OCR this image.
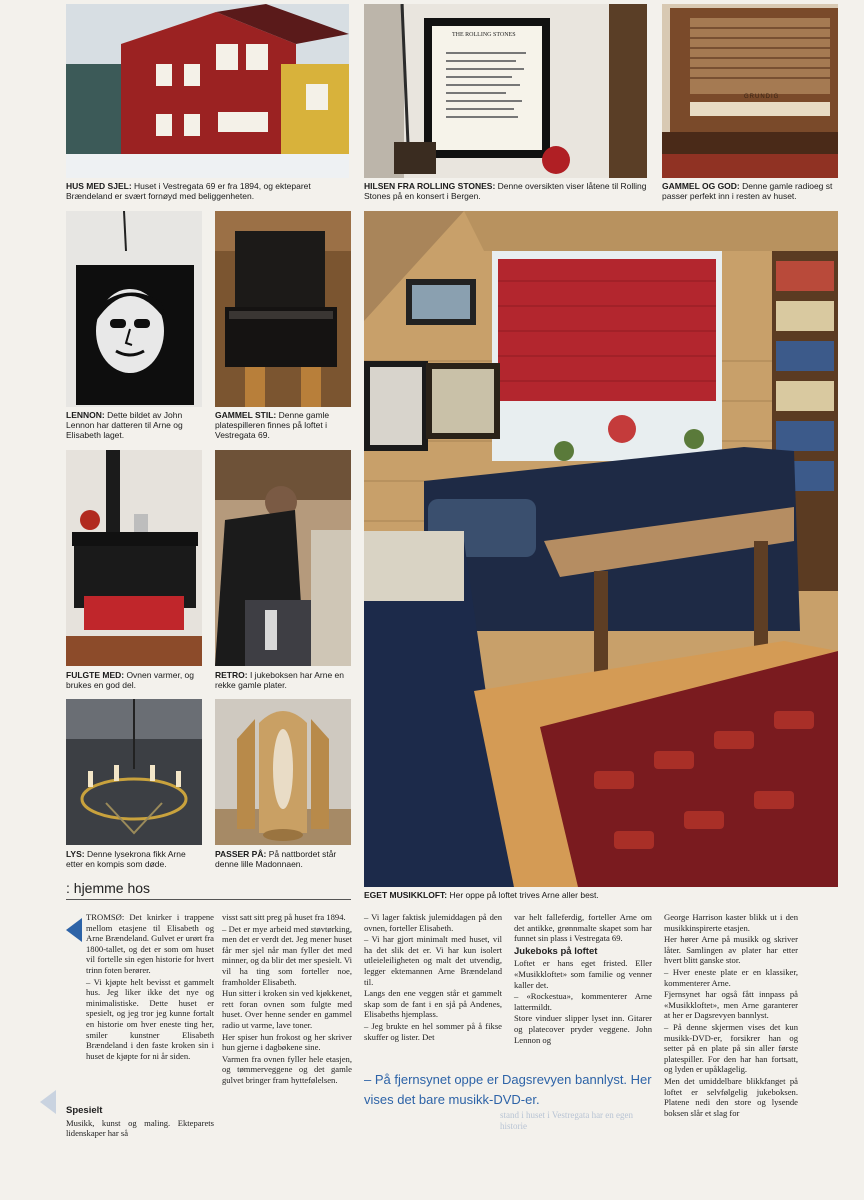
THE ROLLING STONES
GRUNDIG
HUS MED SJEL: Huset i Vestregata 69 er fra 1894, og ekteparet Brændeland er svært fornøyd med beliggenheten.
HILSEN FRA ROLLING STONES: Denne oversikten viser låtene til Rolling Stones på en konsert i Bergen.
GAMMEL OG GOD: Denne gamle radioeg st passer perfekt inn i resten av huset.
LENNON: Dette bildet av John Lennon har datteren til Arne og Elisabeth laget.
GAMMEL STIL: Denne gamle platespilleren finnes på loftet i Vestregata 69.
FULGTE MED: Ovnen varmer, og brukes en god del.
RETRO: I jukeboksen har Arne en rekke gamle plater.
LYS: Denne lysekrona fikk Arne etter en kompis som døde.
PASSER PÅ: På nattbordet står denne lille Madonnaen.
EGET MUSIKKLOFT: Her oppe på loftet trives Arne aller best.
: hjemme hos

TROMSØ: Det knirker i trappene mellom etasjene til Elisabeth og Arne Brændeland. Gulvet er urørt fra 1800-tallet, og det er som om huset vil fortelle sin egen historie for hvert trinn foten berører.

– Vi kjøpte helt bevisst et gammelt hus. Jeg liker ikke det nye og minimalistiske. Dette huset er spesielt, og jeg tror jeg kunne fortalt en historie om hver eneste ting her, smiler kunstner Elisabeth Brændeland i den faste kroken sin i huset de kjøpte for ni år siden.

Spesielt

Musikk, kunst og maling. Ekteparets lidenskaper har så

visst satt sitt preg på huset fra 1894.

– Det er mye arbeid med støvtørking, men det er verdt det. Jeg mener huset får mer sjel når man fyller det med minner, og da blir det mer spesielt. Vi vil ha ting som forteller noe, framholder Elisabeth.

Hun sitter i kroken sin ved kjøkkenet, rett foran ovnen som fulgte med huset. Over henne sender en gammel radio ut varme, lave toner.

Her spiser hun frokost og her skriver hun gjerne i dagbøkene sine.

Varmen fra ovnen fyller hele etasjen, og tømmerveggene og det gamle gulvet bringer fram hyttefølelsen.

– Vi lager faktisk julemiddagen på den ovnen, forteller Elisabeth.

– Vi har gjort minimalt med huset, vil ha det slik det er. Vi har kun isolert utleieleiligheten og malt det utvendig, legger ektemannen Arne Brændeland til.

Langs den ene veggen står et gammelt skap som de fant i en sjå på Andenes, Elisabeths hjemplass.

– Jeg brukte en hel sommer på å fikse skuffer og lister. Det

var helt falleferdig, forteller Arne om det antikke, grønnmalte skapet som har funnet sin plass i Vestregata 69.

Jukeboks på loftet

Loftet er hans eget fristed. Eller «Musikkloftet» som familie og venner kaller det.

– «Rockestua», kommenterer Arne lattermildt.

Store vinduer slipper lyset inn. Gitarer og platecover pryder veggene. John Lennon og

George Harrison kaster blikk ut i den musikkinspirerte etasjen.

Her hører Arne på musikk og skriver låter. Samlingen av plater har etter hvert blitt ganske stor.

– Hver eneste plate er en klassiker, kommenterer Arne.

Fjernsynet har også fått innpass på «Musikkloftet», men Arne garanterer at her er Dagsrevyen bannlyst.

– På denne skjermen vises det kun musikk-DVD-er, forsikrer han og setter på en plate på sin aller første platespiller. For den har han fortsatt, og lyden er upåklagelig.

Men det umiddelbare blikkfanget på loftet er selvfølgelig jukeboksen. Platene nedi den store og lysende boksen slår et slag for

stand i huset i Vestregata har en egen historie
– På fjernsynet oppe er Dagsrevyen bannlyst. Her vises det bare musikk-DVD-er.
